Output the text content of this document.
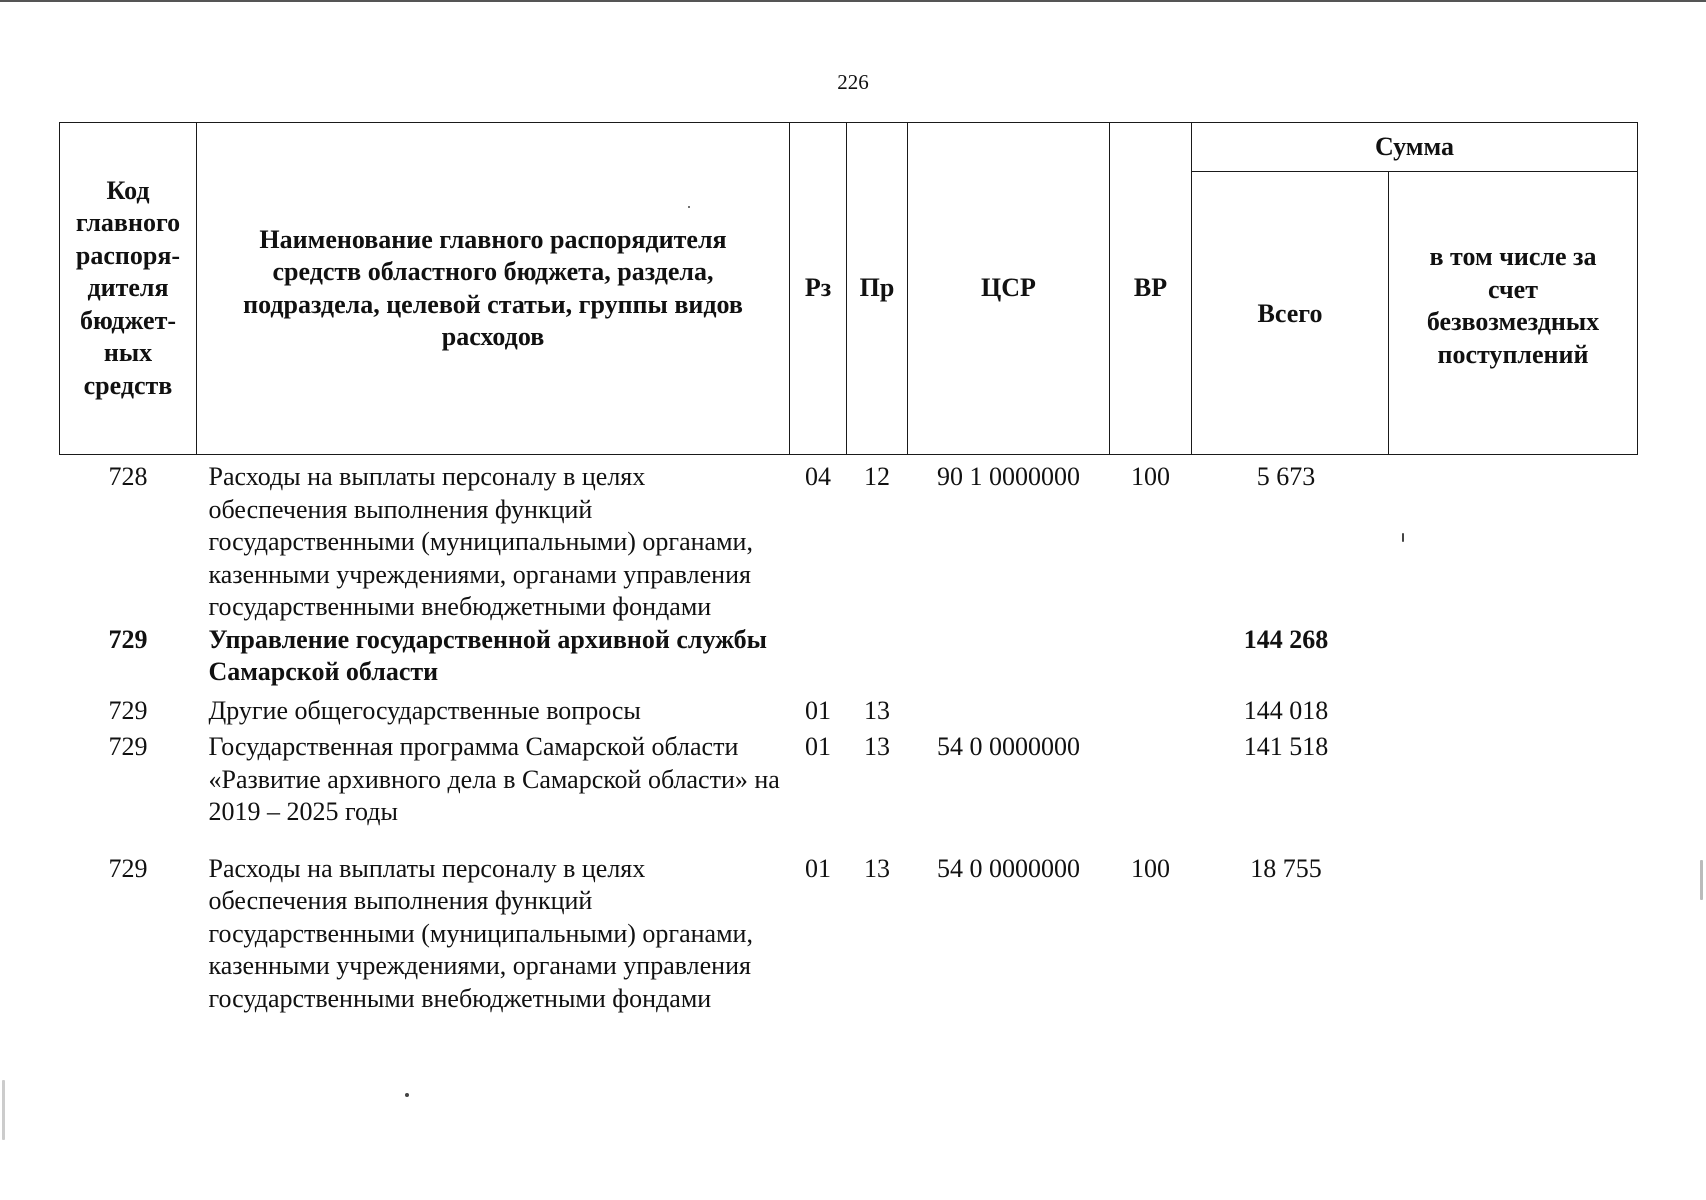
226
Код главного распоря-дителя бюджет-ных средств	Наименование главного распорядителя средств областного бюджета, раздела, подраздела, целевой статьи, группы видов расходов	Рз	Пр	ЦСР	ВР	Сумма	
						Всего	в том числе за счет безвозмездных поступлений
728	Расходы на выплаты персоналу в целях обеспечения выполнения функций государственными (муниципальными) органами, казенными учреждениями, органами управления государственными внебюджетными фондами	04	12	90 1 0000000	100	5 673	
729	Управление государственной архивной службы Самарской области					144 268	
729	Другие общегосударственные вопросы	01	13			144 018	
729	Государственная программа Самарской области «Развитие архивного дела в Самарской области» на 2019 – 2025 годы	01	13	54 0 0000000		141 518	
729	Расходы на выплаты персоналу в целях обеспечения выполнения функций государственными (муниципальными) органами, казенными учреждениями, органами управления государственными внебюджетными фондами	01	13	54 0 0000000	100	18 755	
